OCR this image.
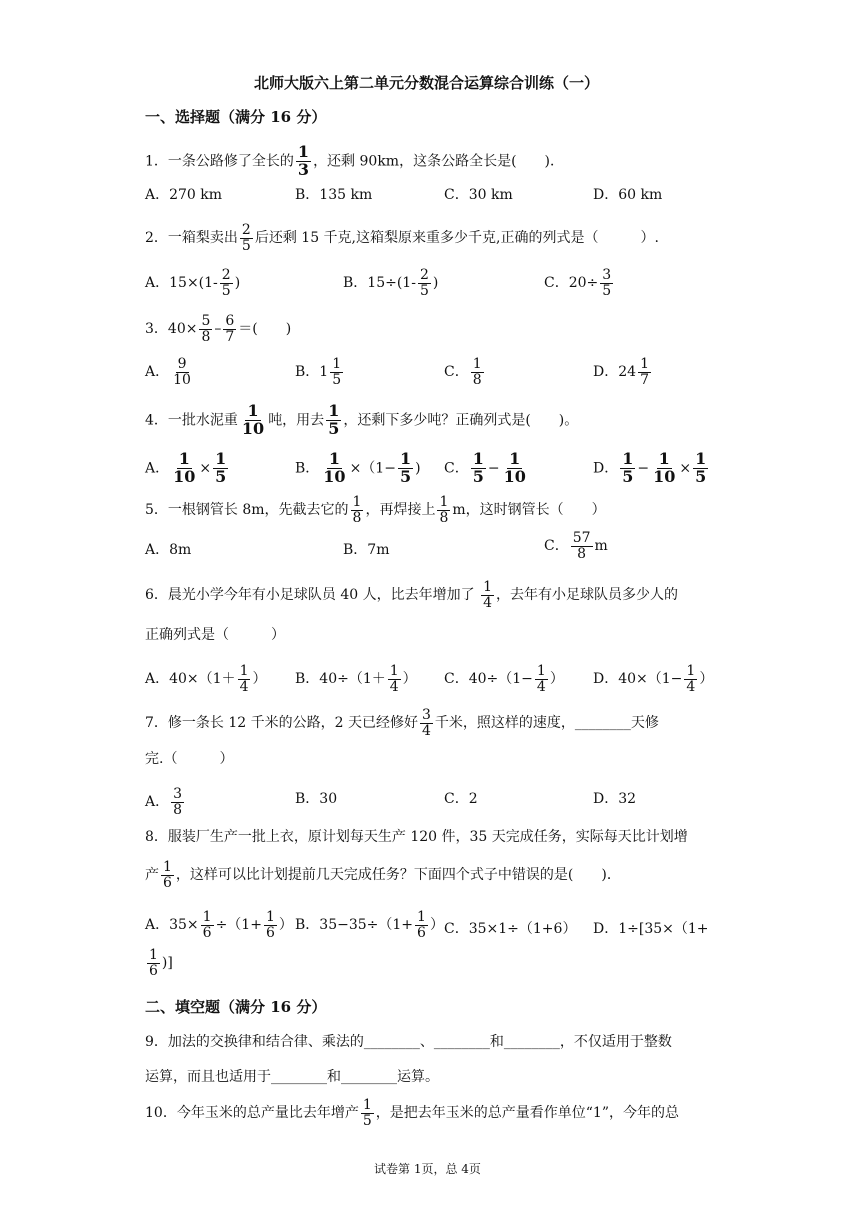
北师大版六上第二单元分数混合运算综合训练（一）
一、选择题（满分 16 分）
1．一条公路修了全长的 $\frac{1}{3}$ ，还剩 90km，这条公路全长是(　　)．
A．270 km	B．135 km	C．30 km	D．60 km
2．一箱梨卖出 $\frac{2}{5}$ 后还剩 15 千克,这箱梨原来重多少千克,正确的列式是（　　　）.
A．$15\times(1- \frac{2}{5}$ )	B．$15\div(1- \frac{2}{5}$ )	C．$20\div \frac{3}{5}$
3．$40\times \frac{5}{8} - \frac{6}{7}$ ＝(　　)
A． $\frac{9}{10}$	B．$1 \frac{1}{5}$	C． $\frac{1}{8}$	D．$24 \frac{1}{7}$
4．一批水泥重 $\frac{1}{10}$ 吨，用去 $\frac{1}{5}$ ，还剩下多少吨？正确列式是(　　)。
A． $\frac{1}{10} \times \frac{1}{5}$	B． $\frac{1}{10} \times(1- \frac{1}{5}$ ) C． $\frac{1}{5} - \frac{1}{10}$	D． $\frac{1}{5} - \frac{1}{10} \times \frac{1}{5}$
5．一根钢管长 8m，先截去它的 $\frac{1}{8}$ ，再焊接上 $\frac{1}{8}$ m，这时钢管长（　　）
A．8m	B．7m	C． $\frac{57}{8}$ m
6．晨光小学今年有小足球队员 40 人，比去年增加了 $\frac{1}{4}$ ，去年有小足球队员多少人的
正确列式是（　　　）
A．$40\times(1+ \frac{1}{4}$ ） B．$40\div(1+ \frac{1}{4}$ ） C．$40\div(1- \frac{1}{4}$ ） D．$40\times(1- \frac{1}{4}$ ）
7．修一条长 12 千米的公路，2 天已经修好 $\frac{3}{4}$ 千米，照这样的速度，________天修
完.（　　　）
A． $\frac{3}{8}$	B．30	C．2	D．32
8．服装厂生产一批上衣，原计划每天生产 120 件，35 天完成任务，实际每天比计划增
产 $\frac{1}{6}$ ，这样可以比计划提前几天完成任务？下面四个式子中错误的是(　　)．
A．$35\times \frac{1}{6} \div(1+ \frac{1}{6}$ ） B．$35-35\div(1+ \frac{1}{6}$ ） C．35×1÷（1+6） D．1÷[35×（1+
$\frac{1}{6}$ )]
二、填空题（满分 16 分）
9．加法的交换律和结合律、乘法的________、________和________，不仅适用于整数
运算，而且也适用于________和________运算。
10．今年玉米的总产量比去年增产 $\frac{1}{5}$ ，是把去年玉米的总产量看作单位“1”，今年的总
试卷第 1页，总 4页
